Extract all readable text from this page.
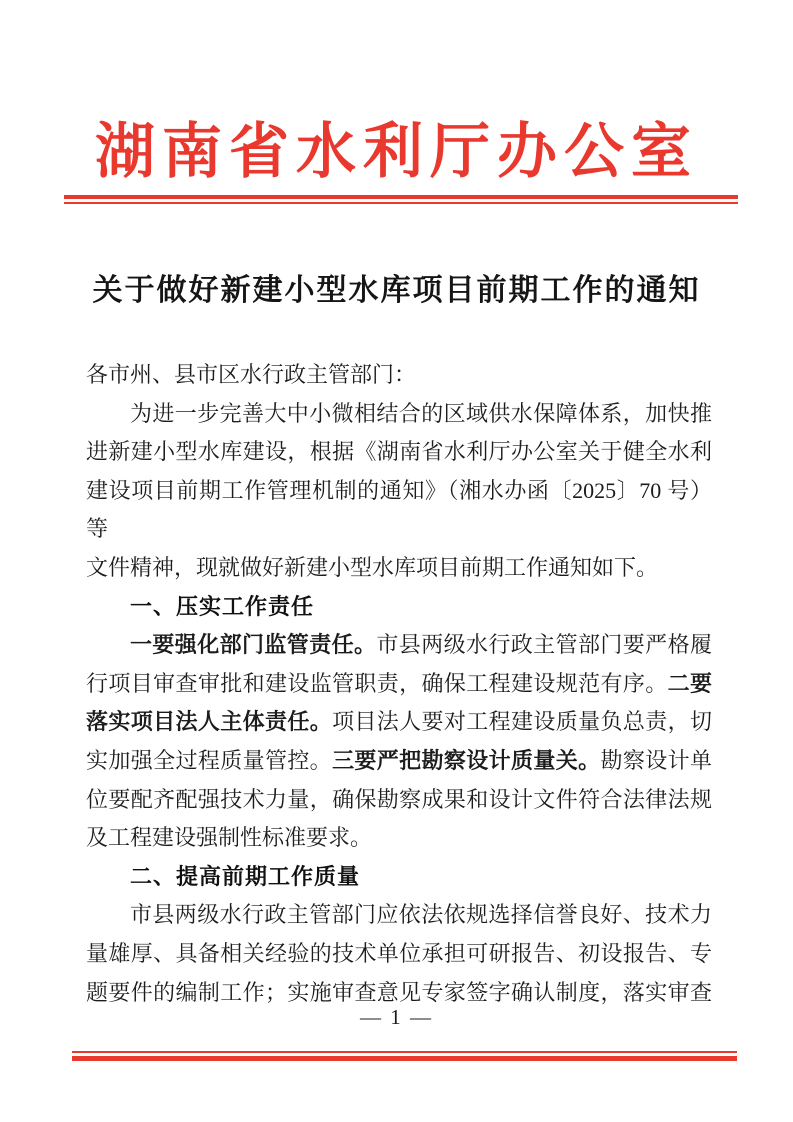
湖南省水利厅办公室
关于做好新建小型水库项目前期工作的通知
各市州、县市区水行政主管部门：
为进一步完善大中小微相结合的区域供水保障体系，加快推
进新建小型水库建设，根据《湖南省水利厅办公室关于健全水利
建设项目前期工作管理机制的通知》（湘水办函〔2025〕70 号）等
文件精神，现就做好新建小型水库项目前期工作通知如下。
一、压实工作责任
一要强化部门监管责任。市县两级水行政主管部门要严格履
行项目审查审批和建设监管职责，确保工程建设规范有序。二要
落实项目法人主体责任。项目法人要对工程建设质量负总责，切
实加强全过程质量管控。三要严把勘察设计质量关。勘察设计单
位要配齐配强技术力量，确保勘察成果和设计文件符合法律法规
及工程建设强制性标准要求。
二、提高前期工作质量
市县两级水行政主管部门应依法依规选择信誉良好、技术力
量雄厚、具备相关经验的技术单位承担可研报告、初设报告、专
题要件的编制工作；实施审查意见专家签字确认制度，落实审查
— 1 —
